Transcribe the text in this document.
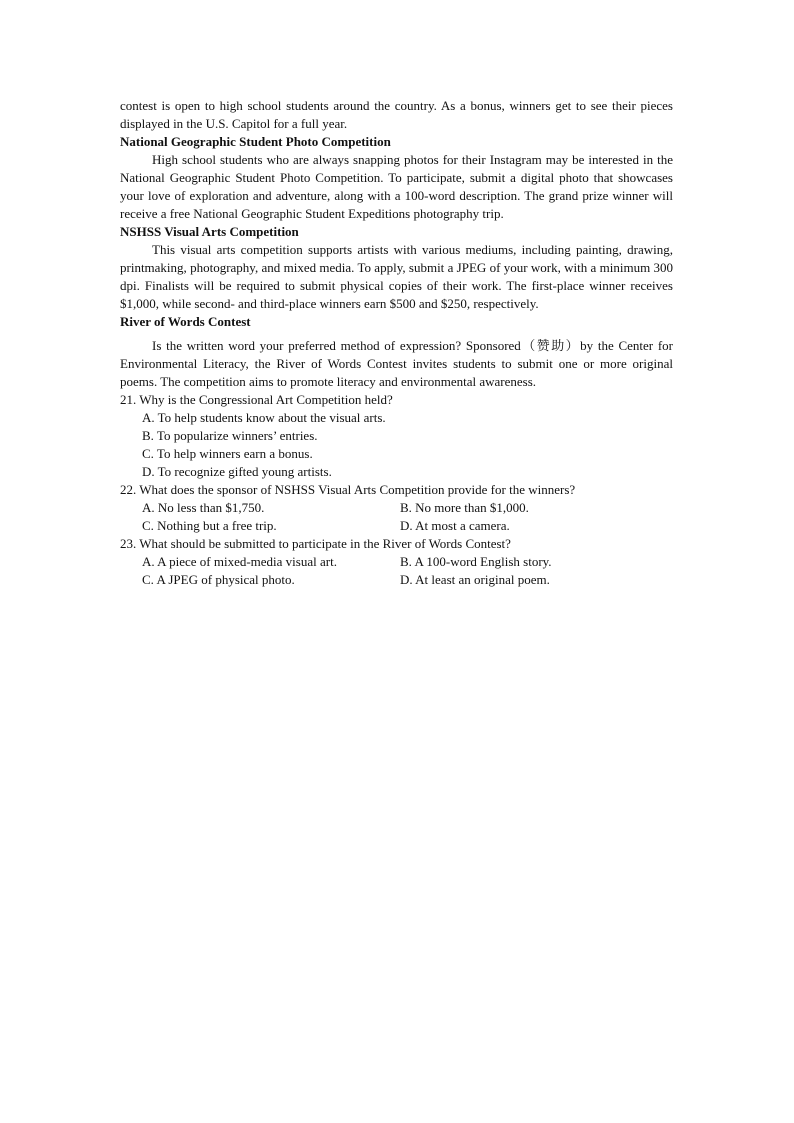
contest is open to high school students around the country. As a bonus, winners get to see their pieces displayed in the U.S. Capitol for a full year.

National Geographic Student Photo Competition

High school students who are always snapping photos for their Instagram may be interested in the National Geographic Student Photo Competition. To participate, submit a digital photo that showcases your love of exploration and adventure, along with a 100-word description. The grand prize winner will receive a free National Geographic Student Expeditions photography trip.

NSHSS Visual Arts Competition

This visual arts competition supports artists with various mediums, including painting, drawing, printmaking, photography, and mixed media. To apply, submit a JPEG of your work, with a minimum 300 dpi. Finalists will be required to submit physical copies of their work. The first-place winner receives $1,000, while second- and third-place winners earn $500 and $250, respectively.

River of Words Contest

Is the written word your preferred method of expression? Sponsored（赞助）by the Center for Environmental Literacy, the River of Words Contest invites students to submit one or more original poems. The competition aims to promote literacy and environmental awareness.

21. Why is the Congressional Art Competition held?

A. To help students know about the visual arts.

B. To popularize winners’ entries.

C. To help winners earn a bonus.

D. To recognize gifted young artists.

22. What does the sponsor of NSHSS Visual Arts Competition provide for the winners?

A. No less than $1,750.	B. No more than $1,000.

C. Nothing but a free trip.	D. At most a camera.

23. What should be submitted to participate in the River of Words Contest?

A. A piece of mixed-media visual art.	B. A 100-word English story.

C. A JPEG of physical photo.	D. At least an original poem.
